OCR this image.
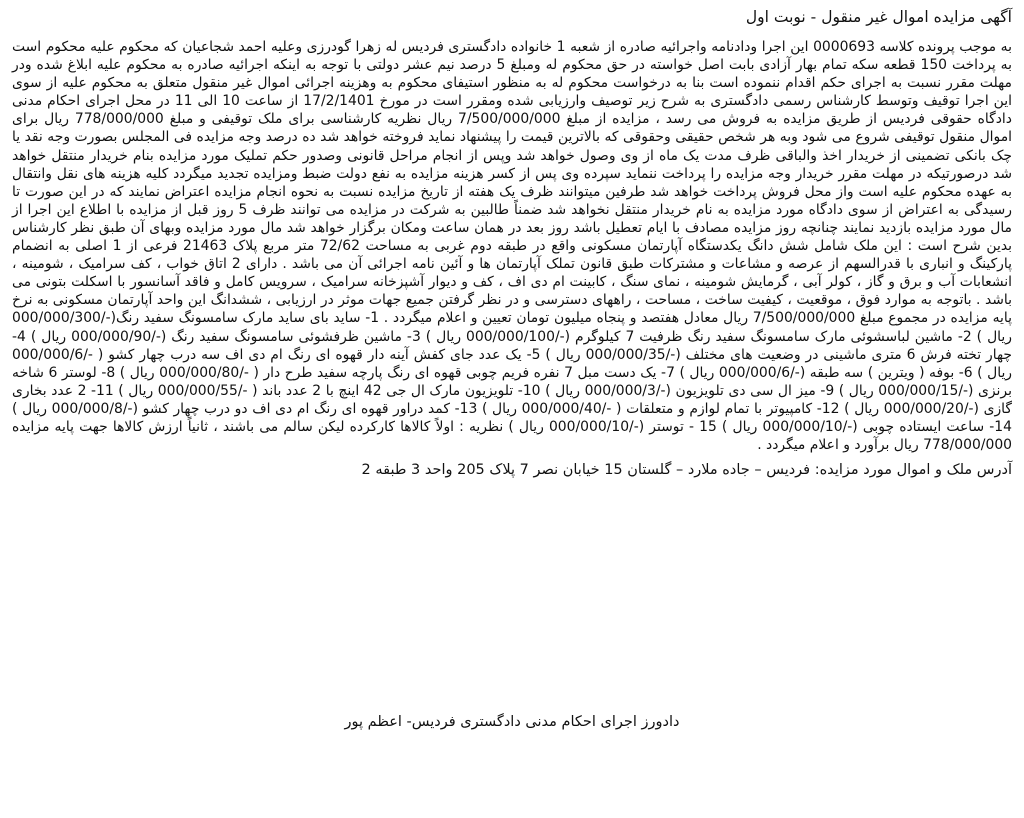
آگهی مزایده اموال غیر منقول - نوبت اول

به موجب پرونده کلاسه 0000693 این اجرا ودادنامه واجرائیه صادره از شعبه 1 خانواده دادگستری فردیس له زهرا گودرزی وعلیه احمد شجاعیان که محکوم علیه محکوم است به پرداخت 150 قطعه سکه تمام بهار آزادی بابت اصل خواسته در حق محکوم له ومبلغ 5 درصد نیم عشر دولتی با توجه به اینکه اجرائیه صادره به محکوم علیه ابلاغ شده ودر مهلت مقرر نسبت به اجرای حکم اقدام ننموده است بنا به درخواست محکوم له به منظور استیفای محکوم به وهزینه اجرائی اموال غیر منقول متعلق به محکوم علیه از سوی این اجرا توقیف وتوسط کارشناس رسمی دادگستری به شرح زیر توصیف وارزیابی شده ومقرر است در مورخ 17/2/1401 از ساعت 10 الی 11 در محل اجرای احکام مدنی دادگاه حقوقی فردیس از طریق مزایده به فروش می رسد ، مزایده از مبلغ 7/500/000/000 ریال نظریه کارشناسی برای ملک توقیفی و مبلغ 778/000/000 ریال برای اموال منقول توقیفی شروع می شود وبه هر شخص حقیقی وحقوقی که بالاترین قیمت را پیشنهاد نماید فروخته خواهد شد ده درصد وجه مزایده فی المجلس بصورت وجه نقد یا چک بانکی تضمینی از خریدار اخذ والباقی ظرف مدت یک ماه از وی وصول خواهد شد وپس از انجام مراحل قانونی وصدور حکم تملیک مورد مزایده بنام خریدار منتقل خواهد شد درصورتیکه در مهلت مقرر خریدار وجه مزایده را پرداخت ننماید سپرده وی پس از کسر هزینه مزایده به نفع دولت ضبط ومزایده تجدید میگردد کلیه هزینه های نقل وانتقال به عهده محکوم علیه است واز محل فروش پرداخت خواهد شد طرفین میتوانند ظرف یک هفته از تاریخ مزایده نسبت به نحوه انجام مزایده اعتراض نمایند که در این صورت تا رسیدگی به اعتراض از سوی دادگاه مورد مزایده به نام خریدار منتقل نخواهد شد ضمناً طالبین به شرکت در مزایده می توانند ظرف 5 روز قبل از مزایده با اطلاع این اجرا از مال مورد مزایده بازدید نمایند چنانچه روز مزایده مصادف با ایام تعطیل باشد روز بعد در همان ساعت ومکان برگزار خواهد شد مال مورد مزایده وبهای آن طبق نظر کارشناس بدین شرح است : این ملک شامل شش دانگ یکدستگاه آپارتمان مسکونی واقع در طبقه دوم غربی به مساحت 72/62 متر مربع پلاک 21463 فرعی از 1 اصلی به انضمام پارکینگ و انباری با قدرالسهم از عرصه و مشاعات و مشترکات طبق قانون تملک آپارتمان ها و آئین نامه اجرائی آن می باشد . دارای 2 اتاق خواب ، کف سرامیک ، شومینه ، انشعابات آب و برق و گاز ، کولر آبی ، گرمایش شومینه ، نمای سنگ ، کابینت ام دی اف ، کف و دیوار آشپزخانه سرامیک ، سرویس کامل و فاقد آسانسور با اسکلت بتونی می باشد . باتوجه به موارد فوق ، موقعیت ، کیفیت ساخت ، مساحت ، راههای دسترسی و در نظر گرفتن جمیع جهات موثر در ارزیابی ، ششدانگ این واحد آپارتمان مسکونی به نرخ پایه مزایده در مجموع مبلغ 7/500/000/000 ریال معادل هفتصد و پنجاه میلیون تومان تعیین و اعلام میگردد . 1- ساید بای ساید مارک سامسونگ سفید رنگ(-/000/000/300 ریال ) 2- ماشین لباسشوئی مارک سامسونگ سفید رنگ ظرفیت 7 کیلوگرم (-/000/000/100 ریال ) 3- ماشین ظرفشوئی سامسونگ سفید رنگ (-/000/000/90 ریال ) 4- چهار تخته فرش 6 متری ماشینی در وضعیت های مختلف (-/000/000/35 ریال ) 5- یک عدد جای کفش آینه دار قهوه ای رنگ ام دی اف سه درب چهار کشو ( -/000/000/6 ریال ) 6- بوفه ( ویترین ) سه طبقه (-/000/000/6 ریال ) 7- یک دست مبل 7 نفره فریم چوبی قهوه ای رنگ پارچه سفید طرح دار ( -/000/000/80 ریال ) 8- لوستر 6 شاخه برنزی (-/000/000/15 ریال ) 9- میز ال سی دی تلویزیون (-/000/000/3 ریال ) 10- تلویزیون مارک ال جی 42 اینچ با 2 عدد باند ( -/000/000/55 ریال ) 11- 2 عدد بخاری گازی (-/000/000/20 ریال ) 12- کامپیوتر با تمام لوازم و متعلقات ( -/000/000/40 ریال ) 13- کمد دراور قهوه ای رنگ ام دی اف دو درب چهار کشو (-/000/000/8 ریال ) 14- ساعت ایستاده چوبی (-/000/000/10 ریال ) 15 - توستر (-/000/000/10 ریال ) نظریه : اولاً کالاها کارکرده لیکن سالم می باشند ، ثانیاً ارزش کالاها جهت پایه مزایده 778/000/000 ریال برآورد و اعلام میگردد .

آدرس ملک و اموال مورد مزایده: فردیس – جاده ملارد – گلستان 15 خیابان نصر 7 پلاک 205 واحد 3 طبقه 2
دادورز اجرای احکام مدنی دادگستری فردیس- اعظم پور
